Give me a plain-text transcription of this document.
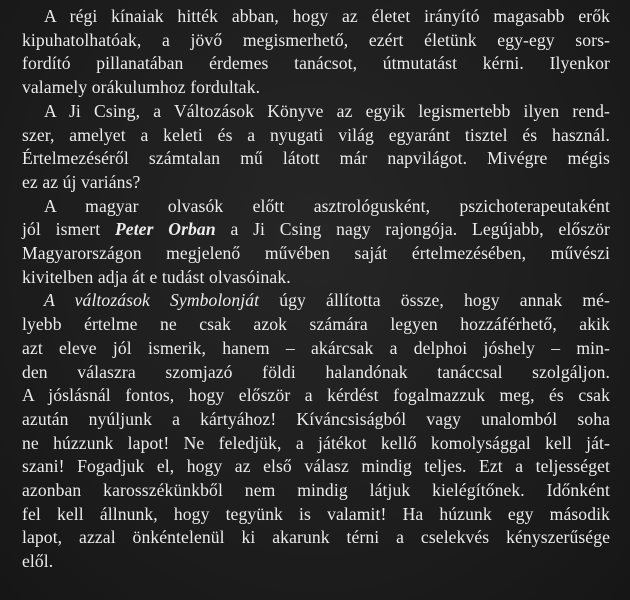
A régi kínaiak hitték abban, hogy az életet irányító magasabb erők
kipuhatolhatóak, a jövő megismerhető, ezért életünk egy-egy sors-
fordító pillanatában érdemes tanácsot, útmutatást kérni. Ilyenkor
valamely orákulumhoz fordultak.
A Ji Csing, a Változások Könyve az egyik legismertebb ilyen rend-
szer, amelyet a keleti és a nyugati világ egyaránt tisztel és használ.
Értelmezéséről számtalan mű látott már napvilágot. Mivégre mégis
ez az új variáns?
A magyar olvasók előtt asztrológusként, pszichoterapeutaként
jól ismert Peter Orban a Ji Csing nagy rajongója. Legújabb, először
Magyarországon megjelenő művében saját értelmezésében, művészi
kivitelben adja át e tudást olvasóinak.
A változások Symbolonját úgy állította össze, hogy annak mé-
lyebb értelme ne csak azok számára legyen hozzáférhető, akik
azt eleve jól ismerik, hanem – akárcsak a delphoi jóshely – min-
den válaszra szomjazó földi halandónak tanáccsal szolgáljon.
A jóslásnál fontos, hogy először a kérdést fogalmazzuk meg, és csak
azután nyúljunk a kártyához! Kíváncsiságból vagy unalomból soha
ne húzzunk lapot! Ne feledjük, a játékot kellő komolysággal kell ját-
szani! Fogadjuk el, hogy az első válasz mindig teljes. Ezt a teljességet
azonban karosszékünkből nem mindig látjuk kielégítőnek. Időnként
fel kell állnunk, hogy tegyünk is valamit! Ha húzunk egy második
lapot, azzal önkéntelenül ki akarunk térni a cselekvés kényszerűsége
elől.
